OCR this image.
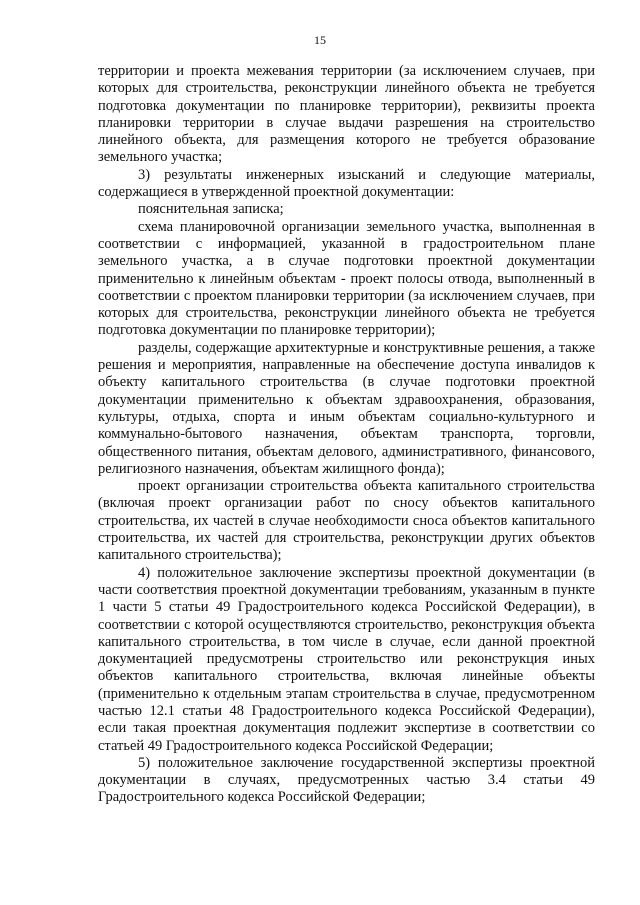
15

территории и проекта межевания территории (за исключением случаев, при которых для строительства, реконструкции линейного объекта не требуется подготовка документации по планировке территории), реквизиты проекта планировки территории в случае выдачи разрешения на строительство линейного объекта, для размещения которого не требуется образование земельного участка;

3) результаты инженерных изысканий и следующие материалы, содержащиеся в утвержденной проектной документации:

пояснительная записка;

схема планировочной организации земельного участка, выполненная в соответствии с информацией, указанной в градостроительном плане земельного участка, а в случае подготовки проектной документации применительно к линейным объектам - проект полосы отвода, выполненный в соответствии с проектом планировки территории (за исключением случаев, при которых для строительства, реконструкции линейного объекта не требуется подготовка документации по планировке территории);

разделы, содержащие архитектурные и конструктивные решения, а также решения и мероприятия, направленные на обеспечение доступа инвалидов к объекту капитального строительства (в случае подготовки проектной документации применительно к объектам здравоохранения, образования, культуры, отдыха, спорта и иным объектам социально-культурного и коммунально-бытового назначения, объектам транспорта, торговли, общественного питания, объектам делового, административного, финансового, религиозного назначения, объектам жилищного фонда);

проект организации строительства объекта капитального строительства (включая проект организации работ по сносу объектов капитального строительства, их частей в случае необходимости сноса объектов капитального строительства, их частей для строительства, реконструкции других объектов капитального строительства);

4) положительное заключение экспертизы проектной документации (в части соответствия проектной документации требованиям, указанным в пункте 1 части 5 статьи 49 Градостроительного кодекса Российской Федерации), в соответствии с которой осуществляются строительство, реконструкция объекта капитального строительства, в том числе в случае, если данной проектной документацией предусмотрены строительство или реконструкция иных объектов капитального строительства, включая линейные объекты (применительно к отдельным этапам строительства в случае, предусмотренном частью 12.1 статьи 48 Градостроительного кодекса Российской Федерации), если такая проектная документация подлежит экспертизе в соответствии со статьей 49 Градостроительного кодекса Российской Федерации;

5) положительное заключение государственной экспертизы проектной документации в случаях, предусмотренных частью 3.4 статьи 49 Градостроительного кодекса Российской Федерации;
